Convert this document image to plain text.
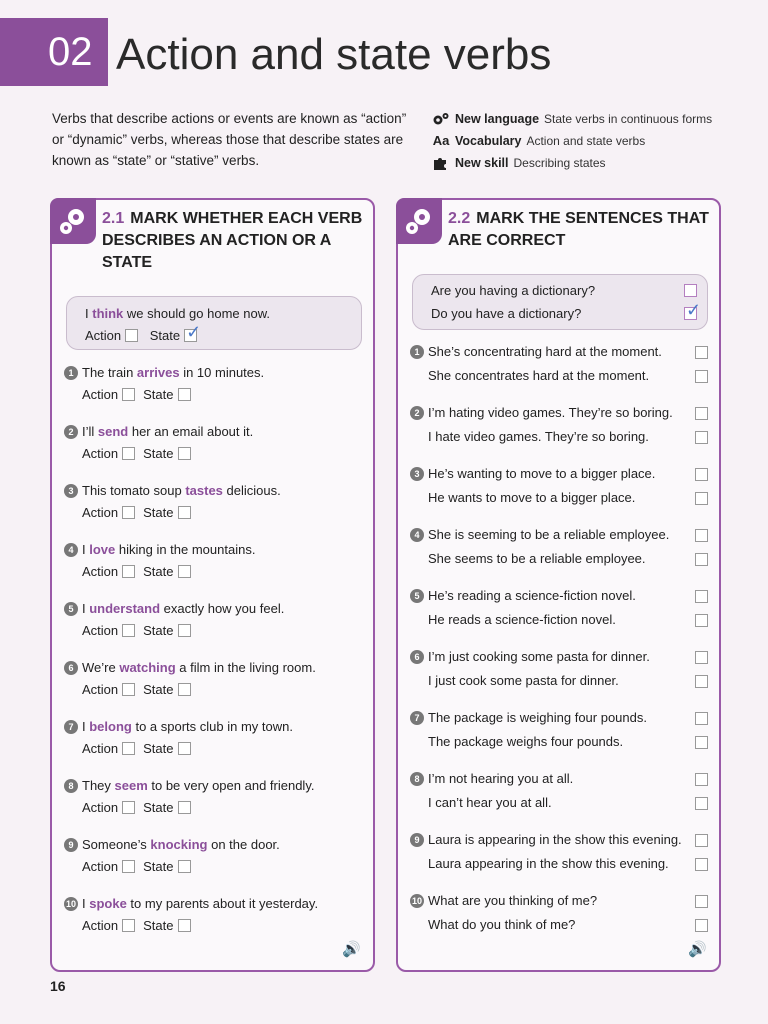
02 Action and state verbs

Verbs that describe actions or events are known as “action” or “dynamic” verbs, whereas those that describe states are known as “state” or “stative” verbs.

New language State verbs in continuous forms
Aa Vocabulary Action and state verbs
New skill Describing states
2.1 MARK WHETHER EACH VERB DESCRIBES AN ACTION OR A STATE
I think we should go home now.
Action State ✓
1 The train arrives in 10 minutes.
Action State
2 I’ll send her an email about it.
Action State
3 This tomato soup tastes delicious.
Action State
4 I love hiking in the mountains.
Action State
5 I understand exactly how you feel.
Action State
6 We’re watching a film in the living room.
Action State
7 I belong to a sports club in my town.
Action State
8 They seem to be very open and friendly.
Action State
9 Someone’s knocking on the door.
Action State
10 I spoke to my parents about it yesterday.
Action State
🔊
2.2 MARK THE SENTENCES THAT ARE CORRECT
Are you having a dictionary?
Do you have a dictionary?	✓
1 She’s concentrating hard at the moment.
She concentrates hard at the moment.
2 I’m hating video games. They’re so boring.
I hate video games. They’re so boring.
3 He’s wanting to move to a bigger place.
He wants to move to a bigger place.
4 She is seeming to be a reliable employee.
She seems to be a reliable employee.
5 He’s reading a science-fiction novel.
He reads a science-fiction novel.
6 I’m just cooking some pasta for dinner.
I just cook some pasta for dinner.
7 The package is weighing four pounds.
The package weighs four pounds.
8 I’m not hearing you at all.
I can’t hear you at all.
9 Laura is appearing in the show this evening.
Laura appearing in the show this evening.
10 What are you thinking of me?
What do you think of me?
🔊
16
